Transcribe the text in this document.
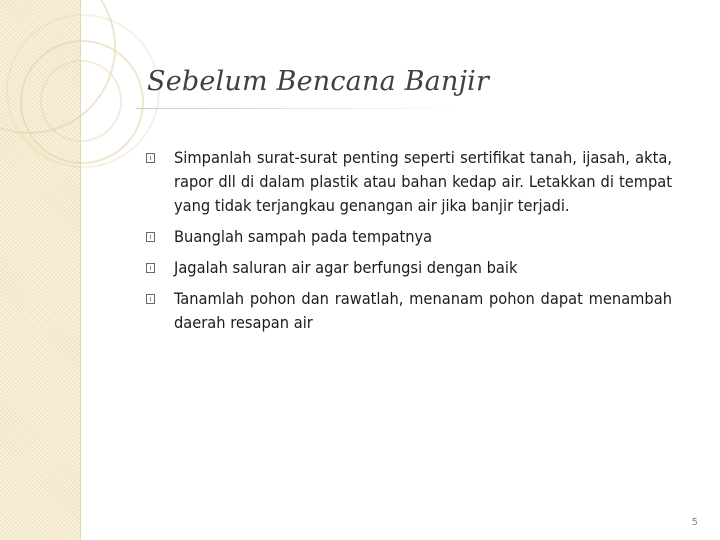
Sebelum Bencana Banjir
Simpanlah surat-surat penting seperti sertifikat tanah, ijasah, akta, rapor dll di dalam plastik atau bahan kedap air. Letakkan di tempat yang tidak terjangkau genangan air jika banjir terjadi.
Buanglah sampah pada tempatnya
Jagalah saluran air agar berfungsi dengan baik
Tanamlah pohon dan rawatlah, menanam pohon dapat menambah daerah resapan air
5
